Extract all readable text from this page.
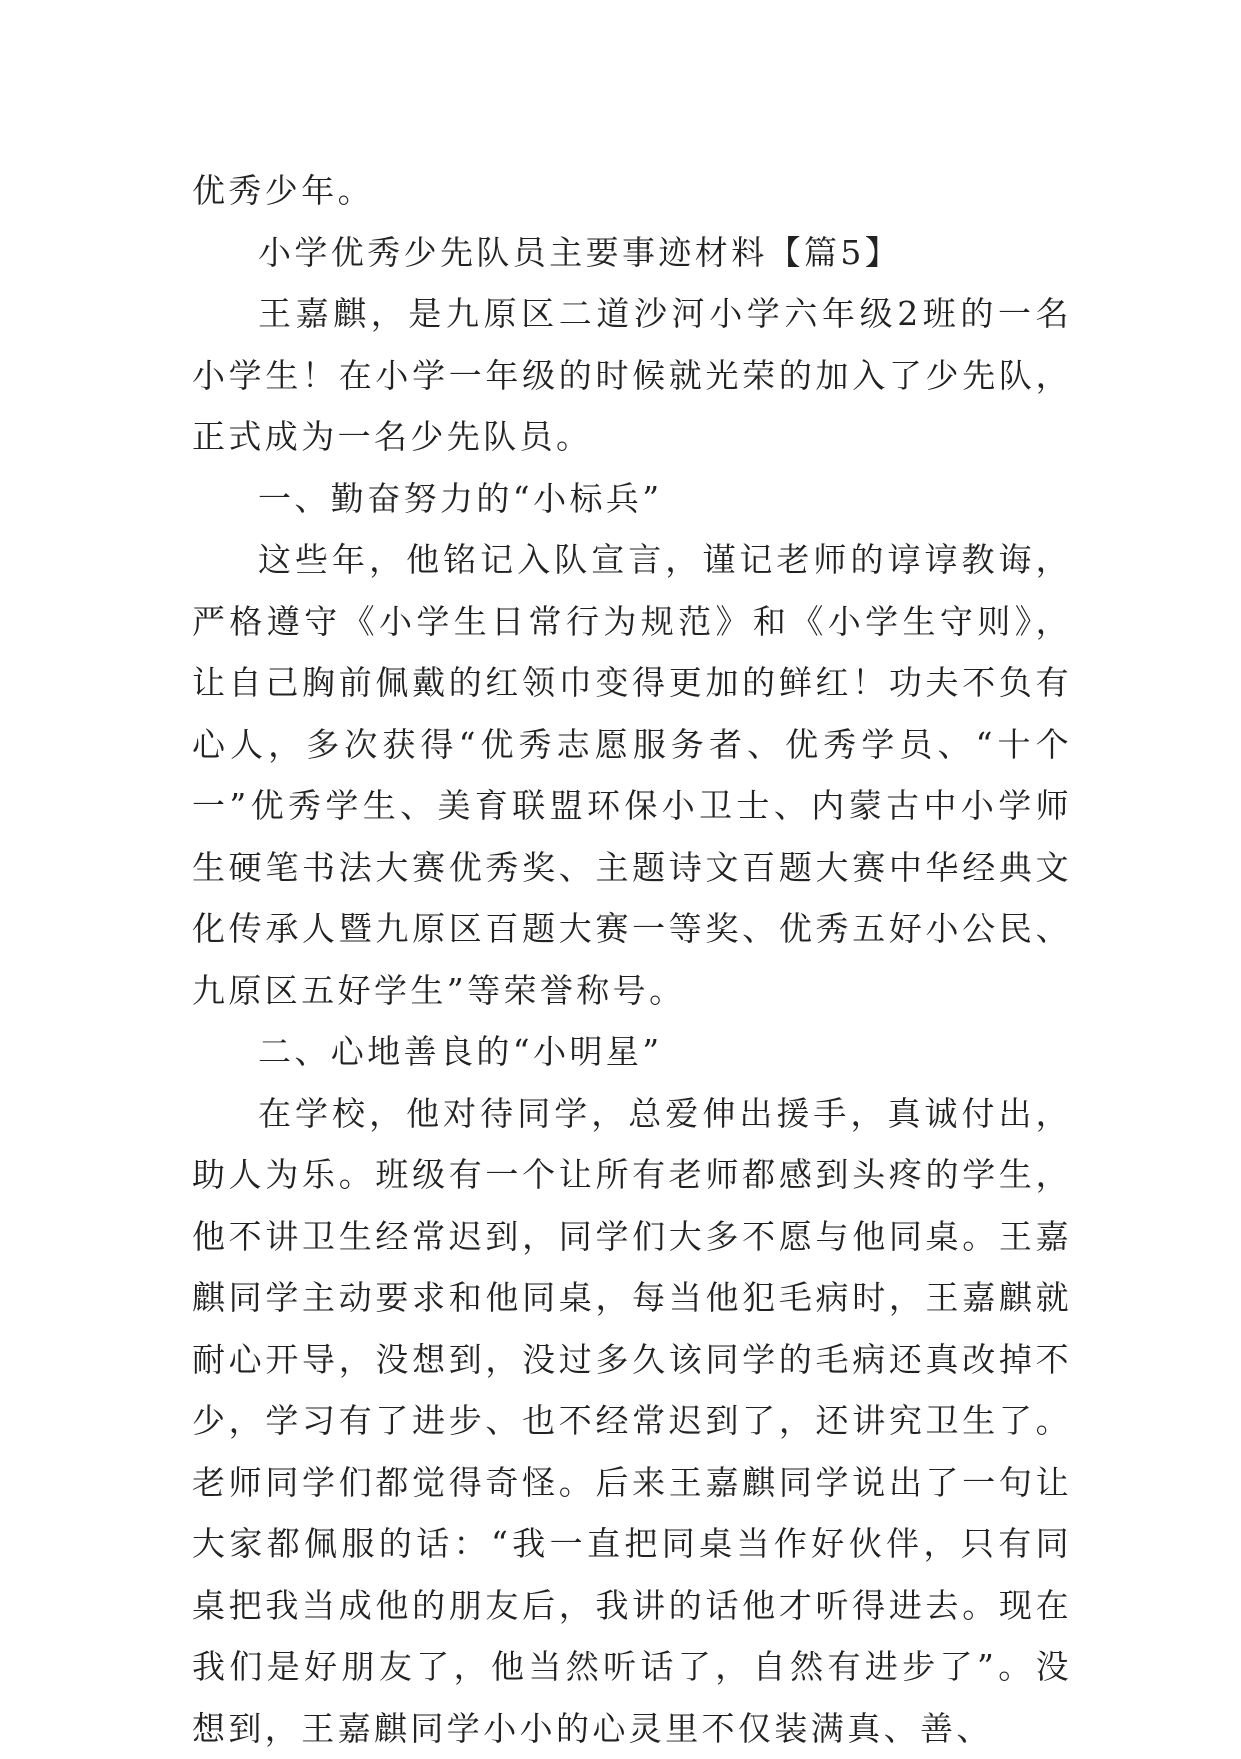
优秀少年。

小学优秀少先队员主要事迹材料【篇5】

王嘉麒，是九原区二道沙河小学六年级2班的一名小学生！在小学一年级的时候就光荣的加入了少先队，正式成为一名少先队员。

一、勤奋努力的“小标兵”

这些年，他铭记入队宣言，谨记老师的谆谆教诲，严格遵守《小学生日常行为规范》和《小学生守则》，让自己胸前佩戴的红领巾变得更加的鲜红！功夫不负有心人，多次获得“优秀志愿服务者、优秀学员、“十个一”优秀学生、美育联盟环保小卫士、内蒙古中小学师生硬笔书法大赛优秀奖、主题诗文百题大赛中华经典文化传承人暨九原区百题大赛一等奖、优秀五好小公民、九原区五好学生”等荣誉称号。

二、心地善良的“小明星”

在学校，他对待同学，总爱伸出援手，真诚付出，助人为乐。班级有一个让所有老师都感到头疼的学生，他不讲卫生经常迟到，同学们大多不愿与他同桌。王嘉麒同学主动要求和他同桌，每当他犯毛病时，王嘉麒就耐心开导，没想到，没过多久该同学的毛病还真改掉不少，学习有了进步、也不经常迟到了，还讲究卫生了。老师同学们都觉得奇怪。后来王嘉麒同学说出了一句让大家都佩服的话：“我一直把同桌当作好伙伴，只有同桌把我当成他的朋友后，我讲的话他才听得进去。现在我们是好朋友了，他当然听话了，自然有进步了”。没想到，王嘉麒同学小小的心灵里不仅装满真、善、
